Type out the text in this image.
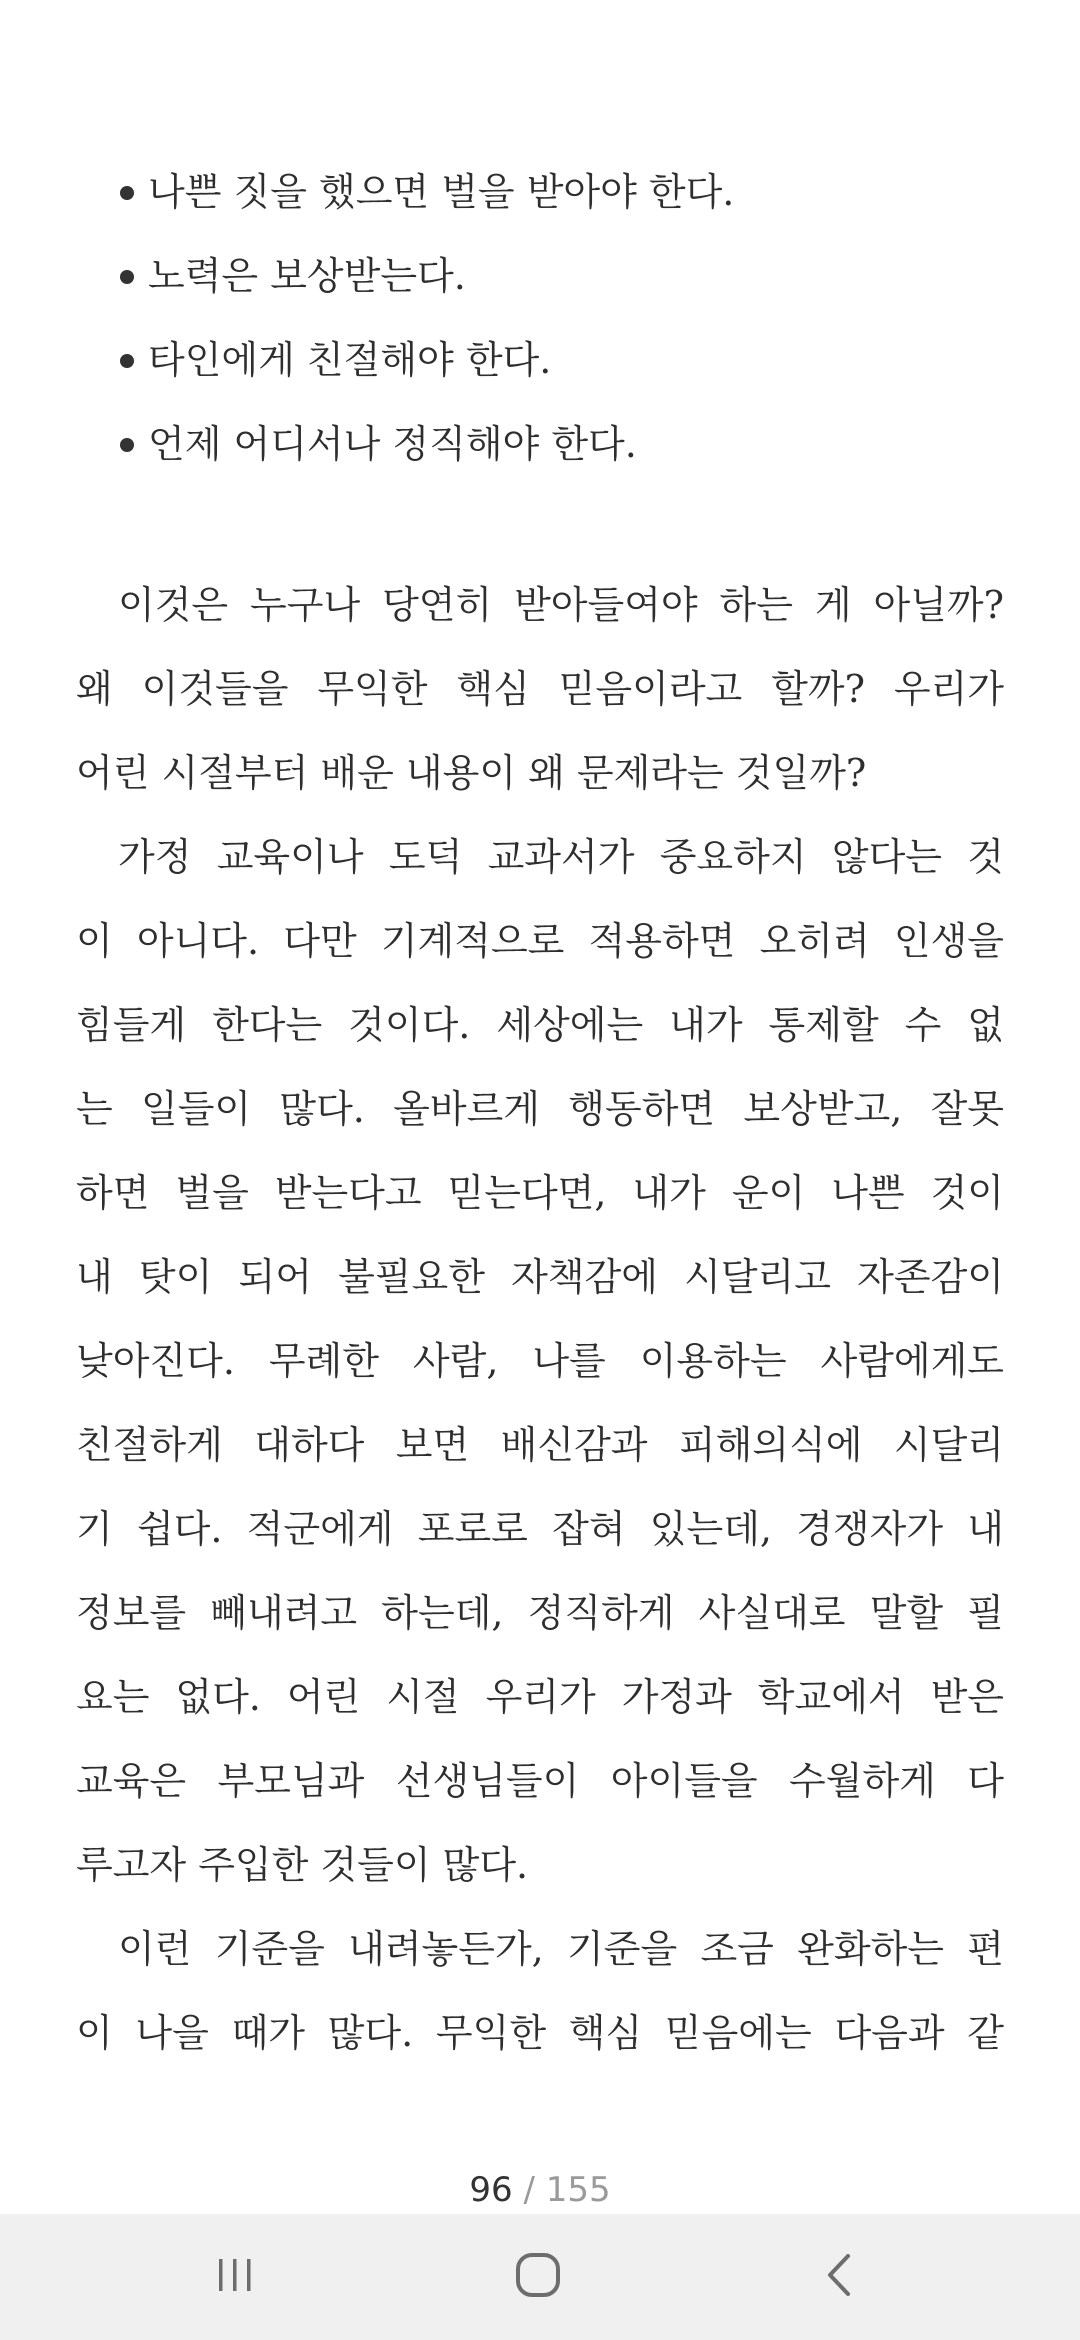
나쁜 짓을 했으면 벌을 받아야 한다.
노력은 보상받는다.
타인에게 친절해야 한다.
언제 어디서나 정직해야 한다.
이것은 누구나 당연히 받아들여야 하는 게 아닐까?
왜 이것들을 무익한 핵심 믿음이라고 할까? 우리가
어린 시절부터 배운 내용이 왜 문제라는 것일까?
가정 교육이나 도덕 교과서가 중요하지 않다는 것
이 아니다. 다만 기계적으로 적용하면 오히려 인생을
힘들게 한다는 것이다. 세상에는 내가 통제할 수 없
는 일들이 많다. 올바르게 행동하면 보상받고, 잘못
하면 벌을 받는다고 믿는다면, 내가 운이 나쁜 것이
내 탓이 되어 불필요한 자책감에 시달리고 자존감이
낮아진다. 무례한 사람, 나를 이용하는 사람에게도
친절하게 대하다 보면 배신감과 피해의식에 시달리
기 쉽다. 적군에게 포로로 잡혀 있는데, 경쟁자가 내
정보를 빼내려고 하는데, 정직하게 사실대로 말할 필
요는 없다. 어린 시절 우리가 가정과 학교에서 받은
교육은 부모님과 선생님들이 아이들을 수월하게 다
루고자 주입한 것들이 많다.
이런 기준을 내려놓든가, 기준을 조금 완화하는 편
이 나을 때가 많다. 무익한 핵심 믿음에는 다음과 같
96 / 155
